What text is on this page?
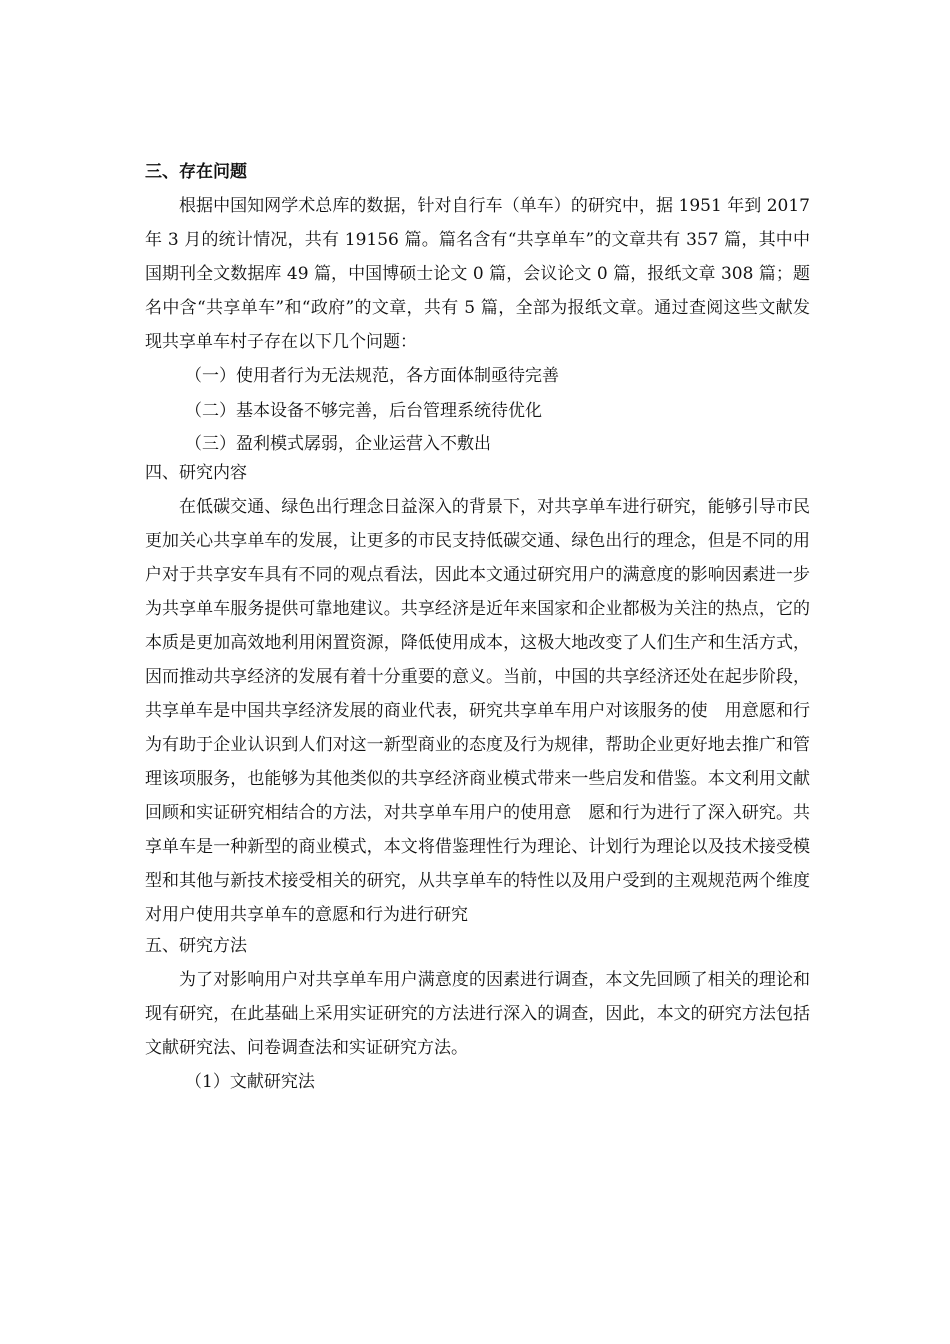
三、存在问题

根据中国知网学术总库的数据，针对自行车（单车）的研究中，据 1951 年到 2017 年 3 月的统计情况，共有 19156 篇。篇名含有“共享单车”的文章共有 357 篇，其中中国期刊全文数据库 49 篇，中国博硕士论文 0 篇，会议论文 0 篇，报纸文章 308 篇；题名中含“共享单车”和“政府”的文章，共有 5 篇，全部为报纸文章。通过查阅这些文献发现共享单车村子存在以下几个问题：

（一）使用者行为无法规范，各方面体制亟待完善
（二）基本设备不够完善，后台管理系统待优化
（三）盈利模式孱弱，企业运营入不敷出
四、研究内容

在低碳交通、绿色出行理念日益深入的背景下，对共享单车进行研究，能够引导市民更加关心共享单车的发展，让更多的市民支持低碳交通、绿色出行的理念，但是不同的用户对于共享安车具有不同的观点看法，因此本文通过研究用户的满意度的影响因素进一步为共享单车服务提供可靠地建议。共享经济是近年来国家和企业都极为关注的热点，它的本质是更加高效地利用闲置资源，降低使用成本，这极大地改变了人们生产和生活方式，因而推动共享经济的发展有着十分重要的意义。当前，中国的共享经济还处在起步阶段，共享单车是中国共享经济发展的商业代表，研究共享单车用户对该服务的使　用意愿和行为有助于企业认识到人们对这一新型商业的态度及行为规律，帮助企业更好地去推广和管理该项服务，也能够为其他类似的共享经济商业模式带来一些启发和借鉴。本文利用文献回顾和实证研究相结合的方法，对共享单车用户的使用意　愿和行为进行了深入研究。共享单车是一种新型的商业模式，本文将借鉴理性行为理论、计划行为理论以及技术接受模型和其他与新技术接受相关的研究，从共享单车的特性以及用户受到的主观规范两个维度对用户使用共享单车的意愿和行为进行研究

五、研究方法

为了对影响用户对共享单车用户满意度的因素进行调查，本文先回顾了相关的理论和现有研究，在此基础上采用实证研究的方法进行深入的调查，因此，本文的研究方法包括文献研究法、问卷调查法和实证研究方法。

（1）文献研究法
